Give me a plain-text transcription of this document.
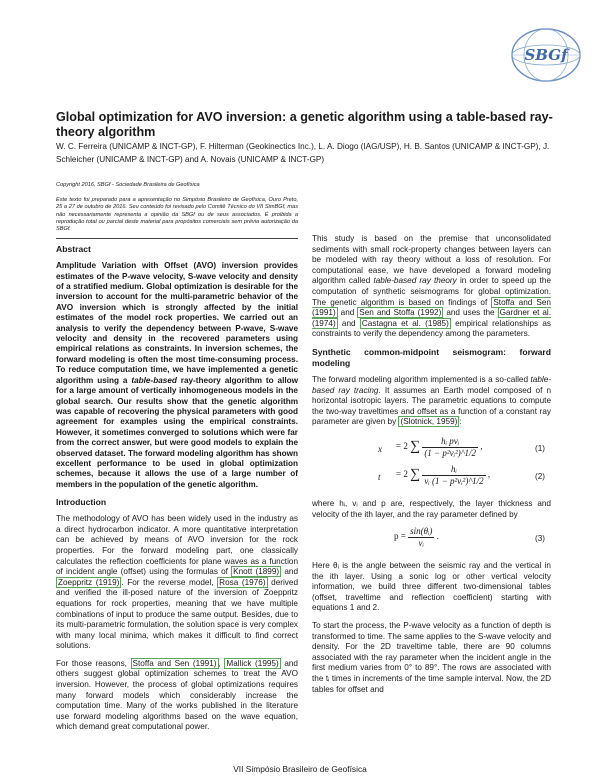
SBGf
Global optimization for AVO inversion: a genetic algorithm using a table-based ray-theory algorithm
W. C. Ferreira (UNICAMP & INCT-GP), F. Hilterman (Geokinectics Inc.), L. A. Diogo (IAG/USP), H. B. Santos (UNICAMP & INCT-GP), J. Schleicher (UNICAMP & INCT-GP) and A. Novais (UNICAMP & INCT-GP)

Copyright 2016, SBGf - Sociedade Brasileira de Geofísica

Este texto foi preparado para a apresentação no Simpósio Brasileiro de Geofísica, Ouro Preto, 25 a 27 de outubro de 2016. Seu conteúdo foi revisado pelo Comitê Técnico do VII SimBGf, mas não necessariamente representa a opinião da SBGf ou de seus associados. É proibida a reprodução total ou parcial deste material para propósitos comerciais sem prévia autorização da SBGf.

Abstract

Amplitude Variation with Offset (AVO) inversion provides estimates of the P-wave velocity, S-wave velocity and density of a stratified medium. Global optimization is desirable for the inversion to account for the multi-parametric behavior of the AVO inversion which is strongly affected by the initial estimates of the model rock properties. We carried out an analysis to verify the dependency between P-wave, S-wave velocity and density in the recovered parameters using empirical relations as constraints. In inversion schemes, the forward modeling is often the most time-consuming process. To reduce computation time, we have implemented a genetic algorithm using a table-based ray-theory algorithm to allow for a large amount of vertically inhomogeneous models in the global search. Our results show that the genetic algorithm was capable of recovering the physical parameters with good agreement for examples using the empirical constraints. However, it sometimes converged to solutions which were far from the correct answer, but were good models to explain the observed dataset. The forward modeling algorithm has shown excellent performance to be used in global optimization schemes, because it allows the use of a large number of members in the population of the genetic algorithm.

Introduction

The methodology of AVO has been widely used in the industry as a direct hydrocarbon indicator. A more quantitative interpretation can be achieved by means of AVO inversion for the rock properties. For the forward modeling part, one classically calculates the reflection coefficients for plane waves as a function of incident angle (offset) using the formulas of Knott (1899) and Zoeppritz (1919) . For the reverse model, Rosa (1976) derived and verified the ill-posed nature of the inversion of Zoeppritz equations for rock properties, meaning that we have multiple combinations of input to produce the same output. Besides, due to its multi-parametric formulation, the solution space is very complex with many local minima, which makes it difficult to find correct solutions.

For those reasons, Stoffa and Sen (1991) , Mallick (1995) and others suggest global optimization schemes to treat the AVO inversion. However, the process of global optimizations requires many forward models which considerably increase the computation time. Many of the works published in the literature use forward modeling algorithms based on the wave equation, which demand great computational power.

This study is based on the premise that unconsolidated sediments with small rock-property changes between layers can be modeled with ray theory without a loss of resolution. For computational ease, we have developed a forward modeling algorithm called table-based ray theory in order to speed up the computation of synthetic seismograms for global optimization. The genetic algorithm is based on findings of Stoffa and Sen (1991) and Sen and Stoffa (1992) and uses the Gardner et al. (1974) and Castagna et al. (1985) empirical relationships as constraints to verify the dependency among the parameters.

Synthetic common-midpoint seismogram: forward modeling

The forward modeling algorithm implemented is a so-called table-based ray tracing. It assumes an Earth model composed of n horizontal isotropic layers. The parametric equations to compute the two-way traveltimes and offset as a function of a constant ray parameter are given by (Slotnick, 1959) :

x = 2 ∑ $\frac{\text{hᵢ pvᵢ}}{\text{(1 − p²vᵢ²)\textasciicircum{}1/2}}$ ,	(1)
t = 2 ∑ $\frac{\text{hᵢ}}{\text{vᵢ (1 − p²vᵢ²)\textasciicircum{}1/2}}$ ,	(2)

where hᵢ, vᵢ and p are, respectively, the layer thickness and velocity of the ith layer, and the ray parameter defined by

$p = \frac{\text{sin(θᵢ)}}{\text{vᵢ}}$ .	(3)

Here θᵢ is the angle between the seismic ray and the vertical in the ith layer. Using a sonic log or other vertical velocity information, we build three different two-dimensional tables (offset, traveltime and reflection coefficient) starting with equations 1 and 2.

To start the process, the P-wave velocity as a function of depth is transformed to time. The same applies to the S-wave velocity and density. For the 2D traveltime table, there are 90 columns associated with the ray parameter when the incident angle in the first medium varies from 0° to 89°. The rows are associated with the tᵢ times in increments of the time sample interval. Now, the 2D tables for offset and

VII Simpósio Brasileiro de Geofísica
